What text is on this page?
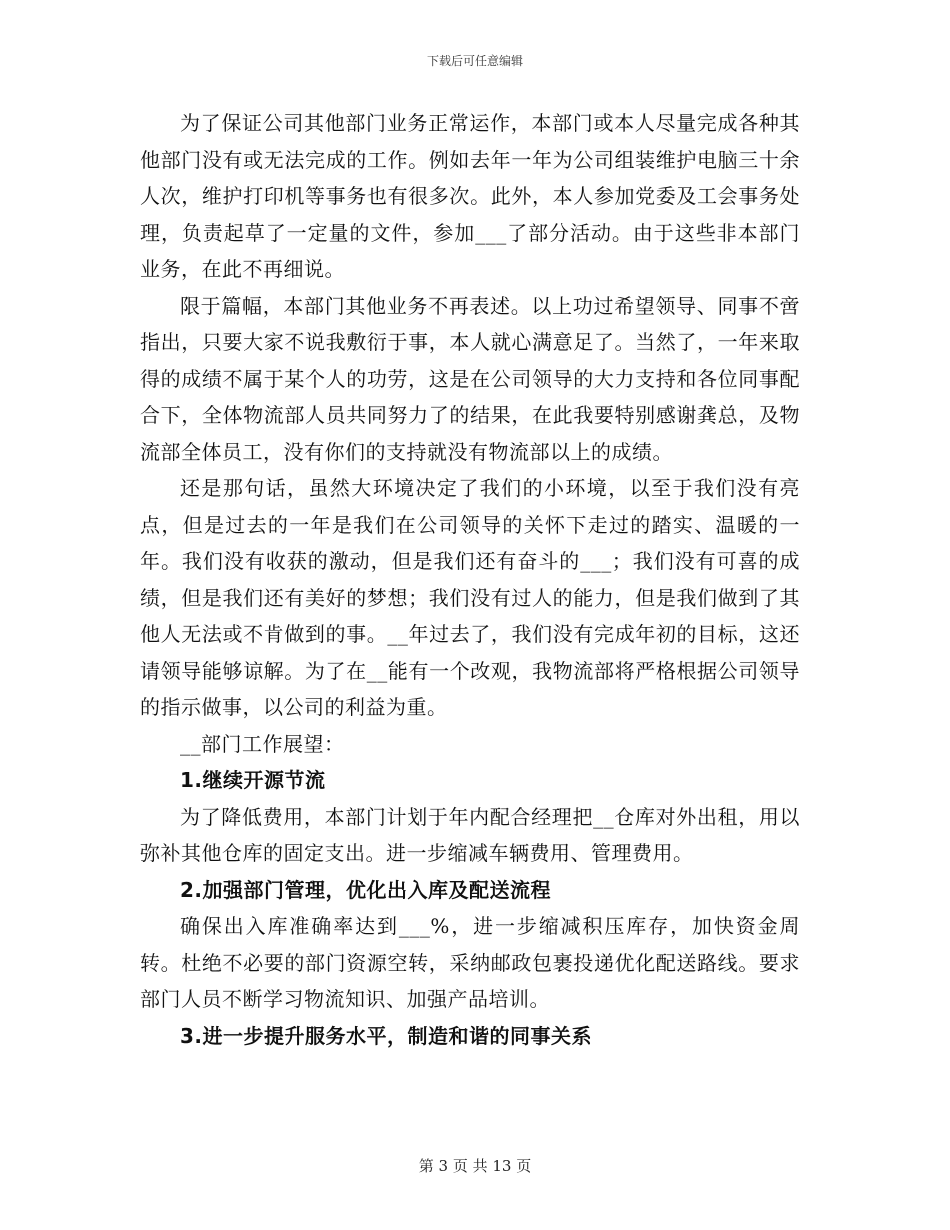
下载后可任意编辑

为了保证公司其他部门业务正常运作，本部门或本人尽量完成各种其他部门没有或无法完成的工作。例如去年一年为公司组装维护电脑三十余人次，维护打印机等事务也有很多次。此外，本人参加党委及工会事务处理，负责起草了一定量的文件，参加___了部分活动。由于这些非本部门业务，在此不再细说。

限于篇幅，本部门其他业务不再表述。以上功过希望领导、同事不啻指出，只要大家不说我敷衍于事，本人就心满意足了。当然了，一年来取得的成绩不属于某个人的功劳，这是在公司领导的大力支持和各位同事配合下，全体物流部人员共同努力了的结果，在此我要特别感谢龚总，及物流部全体员工，没有你们的支持就没有物流部以上的成绩。

还是那句话，虽然大环境决定了我们的小环境，以至于我们没有亮点，但是过去的一年是我们在公司领导的关怀下走过的踏实、温暖的一年。我们没有收获的激动，但是我们还有奋斗的___；我们没有可喜的成绩，但是我们还有美好的梦想；我们没有过人的能力，但是我们做到了其他人无法或不肯做到的事。__年过去了，我们没有完成年初的目标，这还请领导能够谅解。为了在__能有一个改观，我物流部将严格根据公司领导的指示做事，以公司的利益为重。

__部门工作展望：

1.继续开源节流

为了降低费用，本部门计划于年内配合经理把__仓库对外出租，用以弥补其他仓库的固定支出。进一步缩减车辆费用、管理费用。

2.加强部门管理，优化出入库及配送流程

确保出入库准确率达到___%，进一步缩减积压库存，加快资金周转。杜绝不必要的部门资源空转，采纳邮政包裹投递优化配送路线。要求部门人员不断学习物流知识、加强产品培训。

3.进一步提升服务水平，制造和谐的同事关系

第 3 页 共 13 页
